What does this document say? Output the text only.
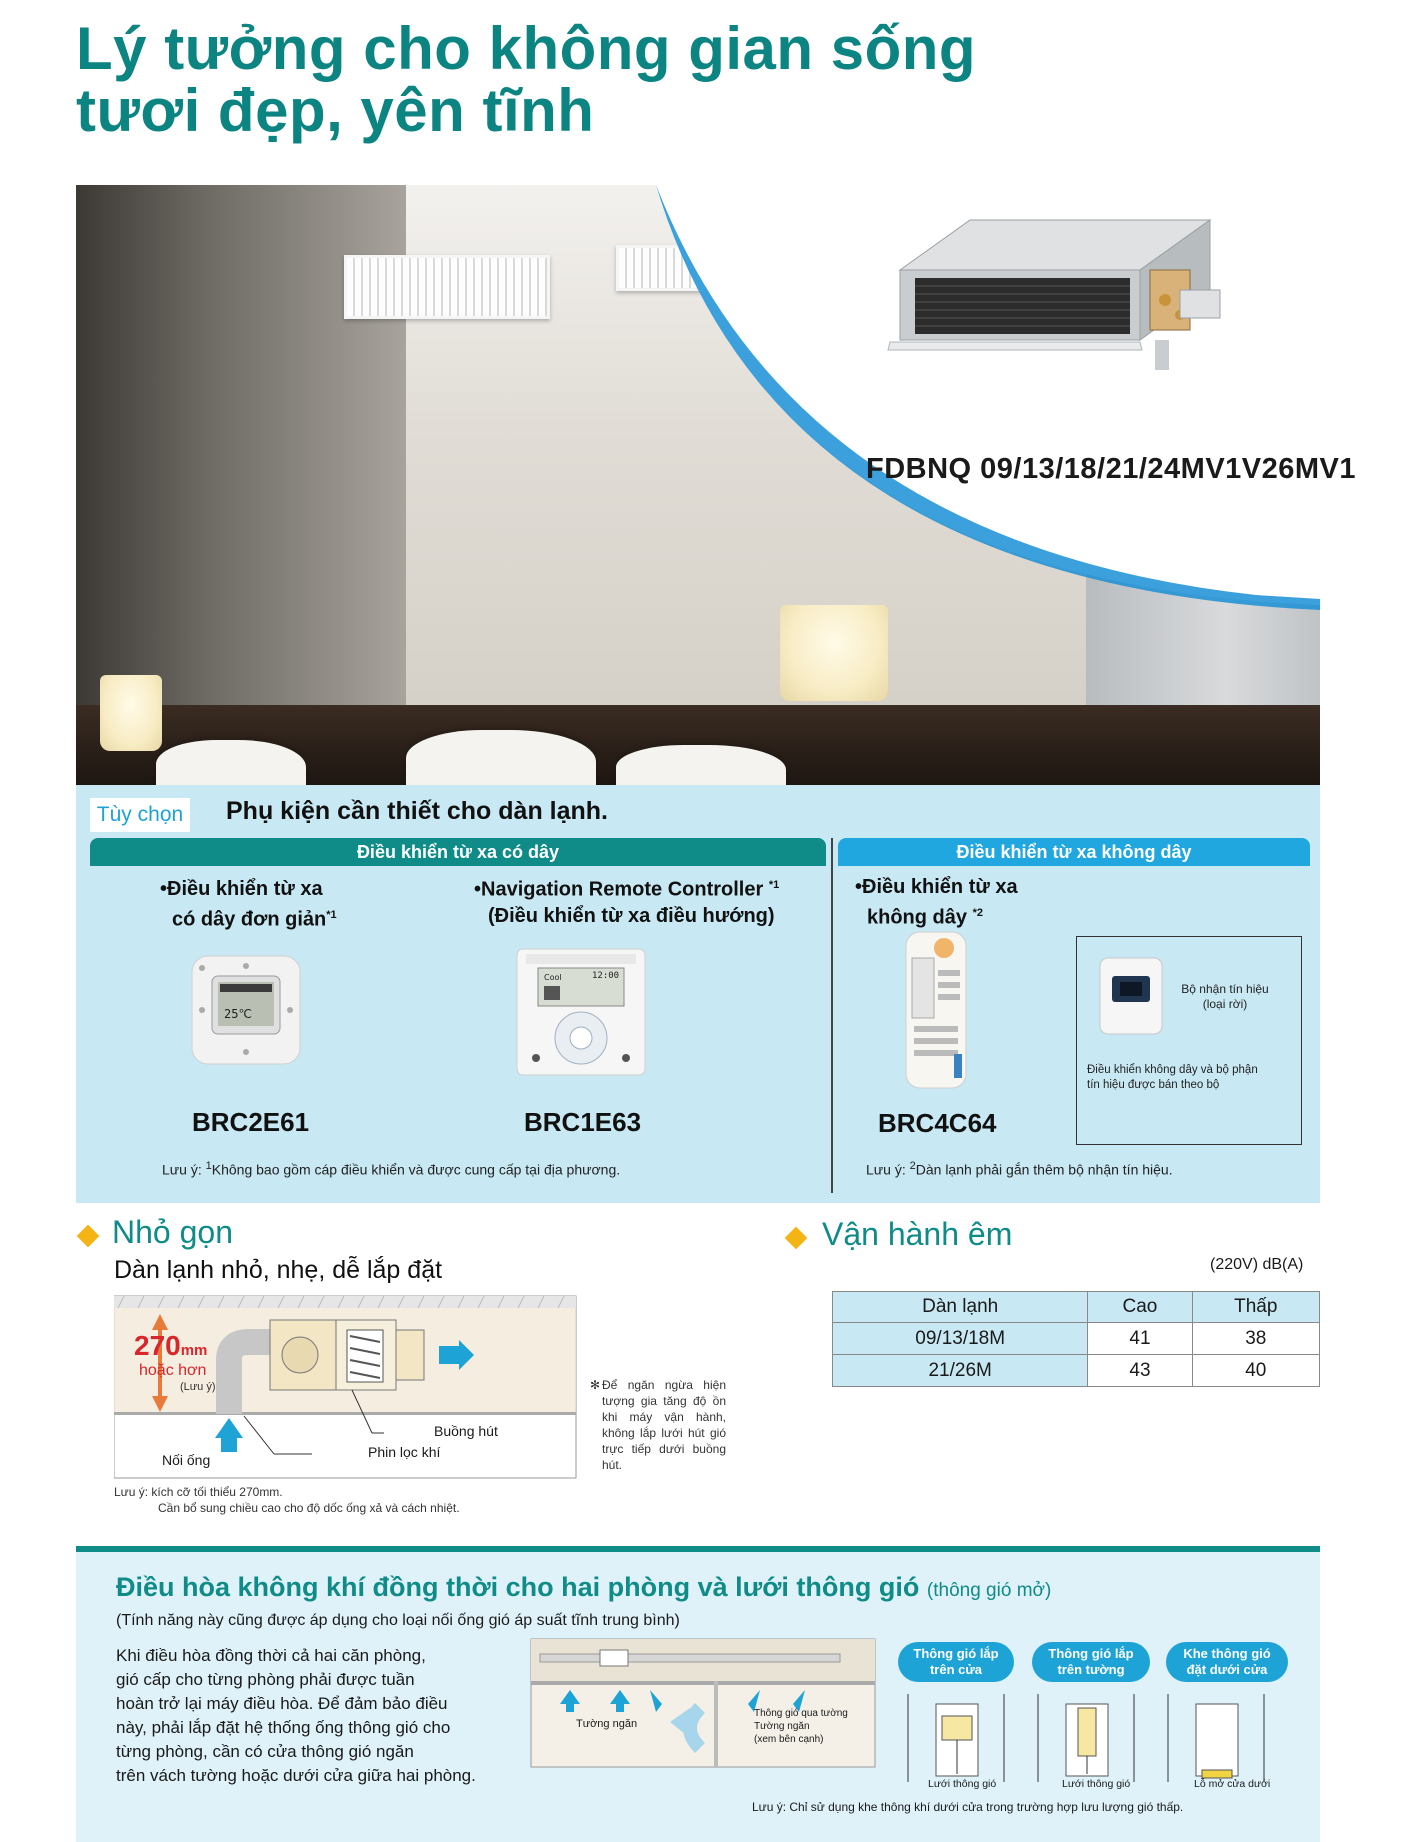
Lý tưởng cho không gian sống
tươi đẹp, yên tĩnh
FDBNQ 09/13/18/21/24MV1V26MV1
Tùy chọn Phụ kiện cần thiết cho dàn lạnh.
Điều khiển từ xa có dây	Điều khiển từ xa không dây
•Điều khiển từ xa
có dây đơn giản$^{*1}$
25℃
BRC2E61
•Navigation Remote Controller $^{*1}$
(Điều khiển từ xa điều hướng)
Cool	12:00
BRC1E63
•Điều khiển từ xa
không dây $^{*2}$
BRC4C64
Bộ nhận tín hiệu
(loại rời)
Điều khiển không dây và bộ phận
tín hiệu được bán theo bộ
Lưu ý: $^1$Không bao gồm cáp điều khiển và được cung cấp tại địa phương.	Lưu ý: $^2$Dàn lạnh phải gắn thêm bộ nhận tín hiệu.
Nhỏ gọn
Dàn lạnh nhỏ, nhẹ, dễ lắp đặt
270mm
hoặc hơn
(Lưu ý)
Buồng hút
Phin lọc khí
Nối ống
✻ Để ngăn ngừa hiện tượng gia tăng độ ồn khi máy vận hành, không lắp lưới hút gió trực tiếp dưới buồng hút.
Lưu ý: kích cỡ tối thiểu 270mm.
Cần bổ sung chiều cao cho độ dốc ống xả và cách nhiệt.
Vận hành êm
(220V) dB(A)
Dàn lạnh	Cao	Thấp
09/13/18M	41	38
21/26M	43	40
Điều hòa không khí đồng thời cho hai phòng và lưới thông gió (thông gió mở)
(Tính năng này cũng được áp dụng cho loại nối ống gió áp suất tĩnh trung bình)
Khi điều hòa đồng thời cả hai căn phòng,
gió cấp cho từng phòng phải được tuần
hoàn trở lại máy điều hòa. Để đảm bảo điều
này, phải lắp đặt hệ thống ống thông gió cho
từng phòng, cần có cửa thông gió ngăn
trên vách tường hoặc dưới cửa giữa hai phòng.
Tường ngăn
Thông gió qua tường
Tường ngăn
(xem bên cạnh)
Thông gió lắp
trên cửa
Thông gió lắp
trên tường
Khe thông gió
đặt dưới cửa
Lưới thông gió	Lưới thông gió	Lỗ mở cửa dưới
Lưu ý: Chỉ sử dụng khe thông khí dưới cửa trong trường hợp lưu lượng gió thấp.
